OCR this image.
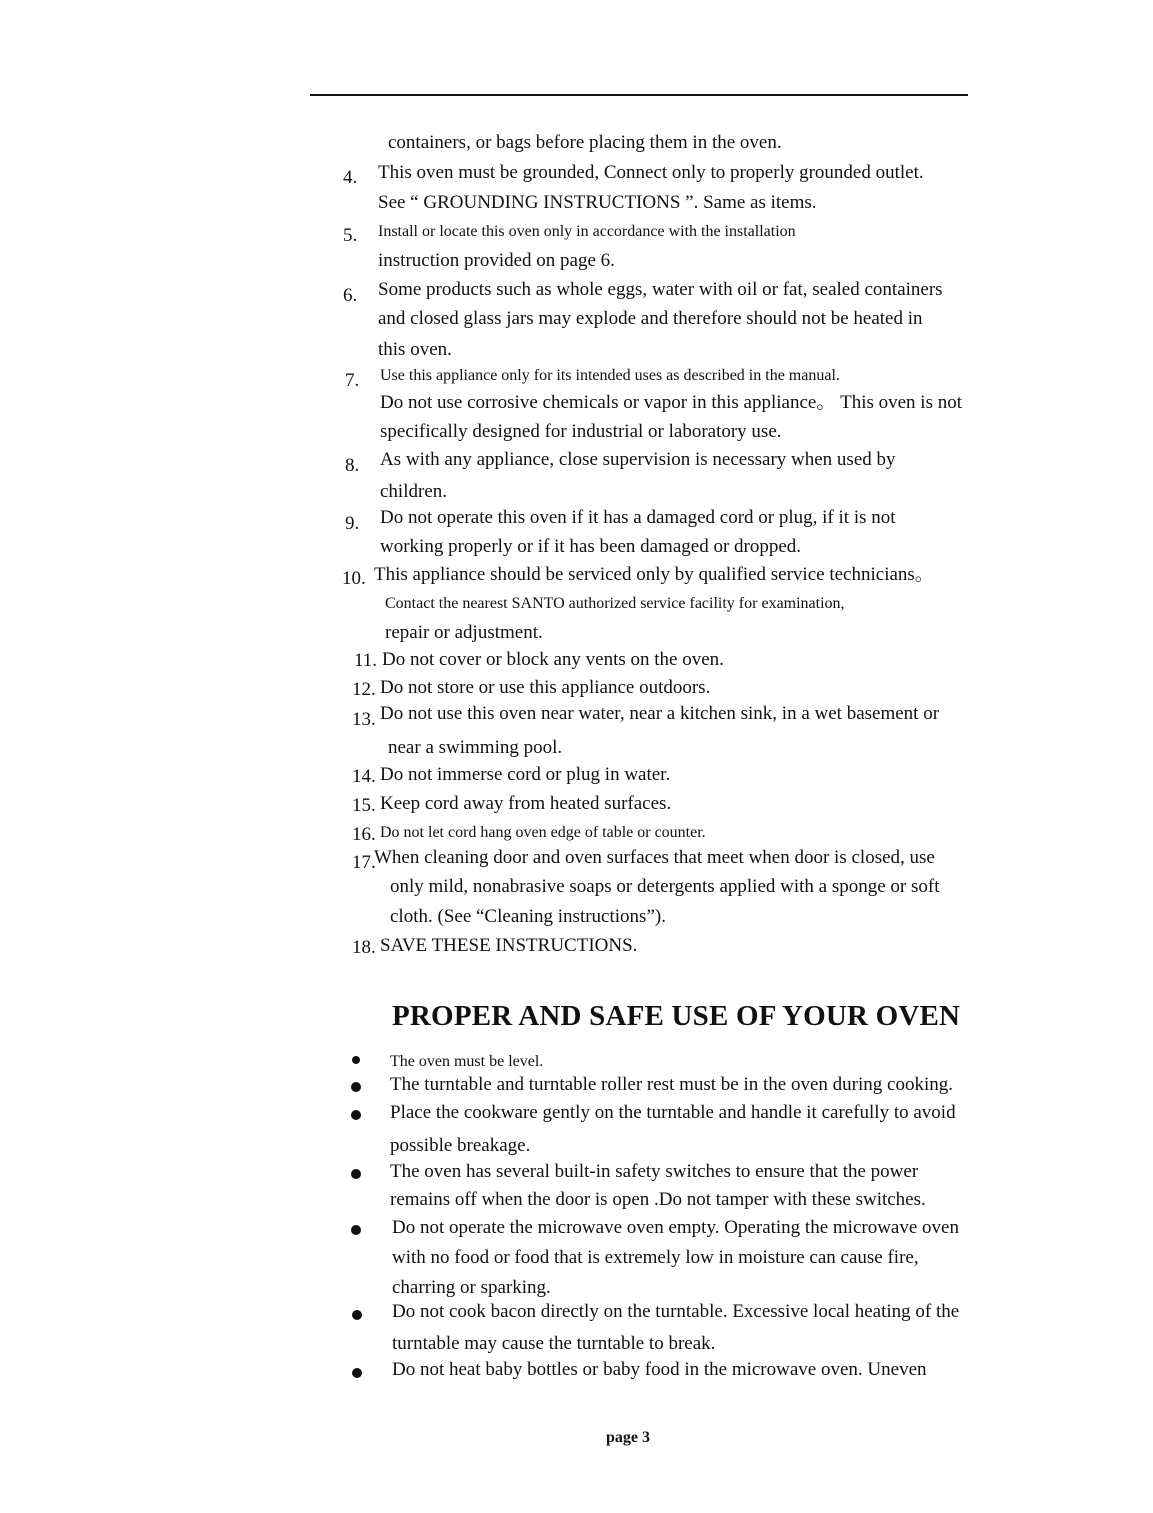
containers, or bags before placing them in the oven.
4. This oven must be grounded, Connect only to properly grounded outlet.
See “ GROUNDING INSTRUCTIONS ”. Same as items.
5. Install or locate this oven only in accordance with the installation
instruction provided on page 6.
6. Some products such as whole eggs, water with oil or fat, sealed containers
and closed glass jars may explode and therefore should not be heated in
this oven.
7. Use this appliance only for its intended uses as described in the manual.
Do not use corrosive chemicals or vapor in this appliance。 This oven is not
specifically designed for industrial or laboratory use.
8. As with any appliance, close supervision is necessary when used by
children.
9. Do not operate this oven if it has a damaged cord or plug, if it is not
working properly or if it has been damaged or dropped.
10. This appliance should be serviced only by qualified service technicians。
Contact the nearest SANTO authorized service facility for examination,
repair or adjustment.
11. Do not cover or block any vents on the oven.
12. Do not store or use this appliance outdoors.
13. Do not use this oven near water, near a kitchen sink, in a wet basement or
near a swimming pool.
14. Do not immerse cord or plug in water.
15. Keep cord away from heated surfaces.
16. Do not let cord hang oven edge of table or counter.
17.
When cleaning door and oven surfaces that meet when door is closed, use
only mild, nonabrasive soaps or detergents applied with a sponge or soft
cloth. (See “Cleaning instructions”).
18. SAVE THESE INSTRUCTIONS.
PROPER AND SAFE USE OF YOUR OVEN
The oven must be level.
The turntable and turntable roller rest must be in the oven during cooking.
Place the cookware gently on the turntable and handle it carefully to avoid
possible breakage.
The oven has several built-in safety switches to ensure that the power
remains off when the door is open .Do not tamper with these switches.
Do not operate the microwave oven empty. Operating the microwave oven
with no food or food that is extremely low in moisture can cause fire,
charring or sparking.
Do not cook bacon directly on the turntable. Excessive local heating of the
turntable may cause the turntable to break.
Do not heat baby bottles or baby food in the microwave oven. Uneven
page 3
